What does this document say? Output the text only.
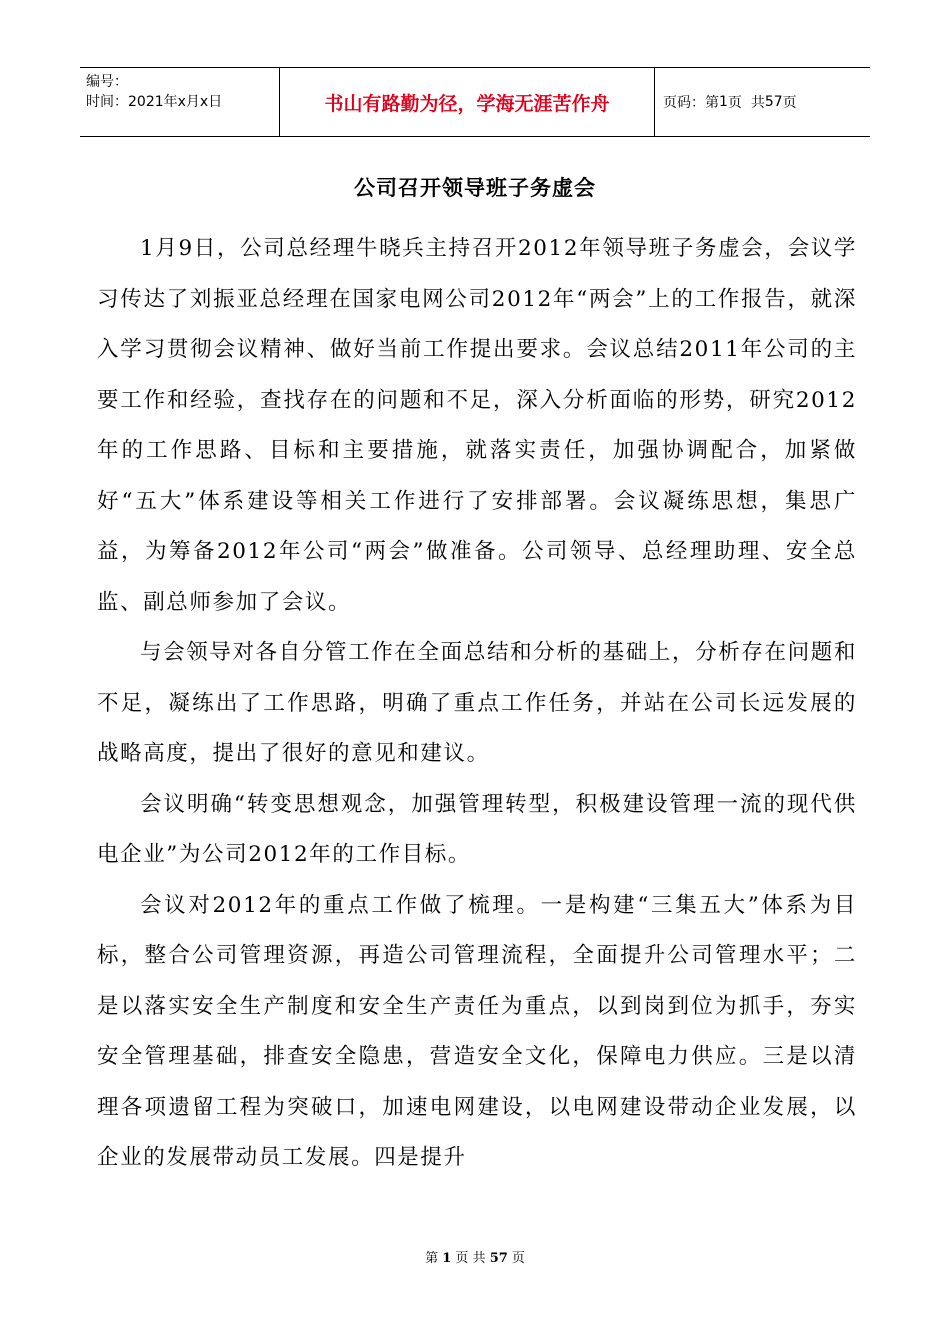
编号：
时间：2021年x月x日	书山有路勤为径，学海无涯苦作舟	页码：第 1 页  共 57 页
公司召开领导班子务虚会

1月9日，公司总经理牛晓兵主持召开2012年领导班子务虚会，会议学习传达了刘振亚总经理在国家电网公司2012年“两会”上的工作报告，就深入学习贯彻会议精神、做好当前工作提出要求。会议总结2011年公司的主要工作和经验，查找存在的问题和不足，深入分析面临的形势，研究2012年的工作思路、目标和主要措施，就落实责任，加强协调配合，加紧做好“五大”体系建设等相关工作进行了安排部署。会议凝练思想，集思广益，为筹备2012年公司“两会”做准备。公司领导、总经理助理、安全总监、副总师参加了会议。

与会领导对各自分管工作在全面总结和分析的基础上，分析存在问题和不足，凝练出了工作思路，明确了重点工作任务，并站在公司长远发展的战略高度，提出了很好的意见和建议。

会议明确“转变思想观念，加强管理转型，积极建设管理一流的现代供电企业”为公司2012年的工作目标。

会议对2012年的重点工作做了梳理。一是构建“三集五大”体系为目标，整合公司管理资源，再造公司管理流程，全面提升公司管理水平；二是以落实安全生产制度和安全生产责任为重点，以到岗到位为抓手，夯实安全管理基础，排查安全隐患，营造安全文化，保障电力供应。三是以清理各项遗留工程为突破口，加速电网建设，以电网建设带动企业发展，以企业的发展带动员工发展。四是提升

第 1 页 共 57 页
